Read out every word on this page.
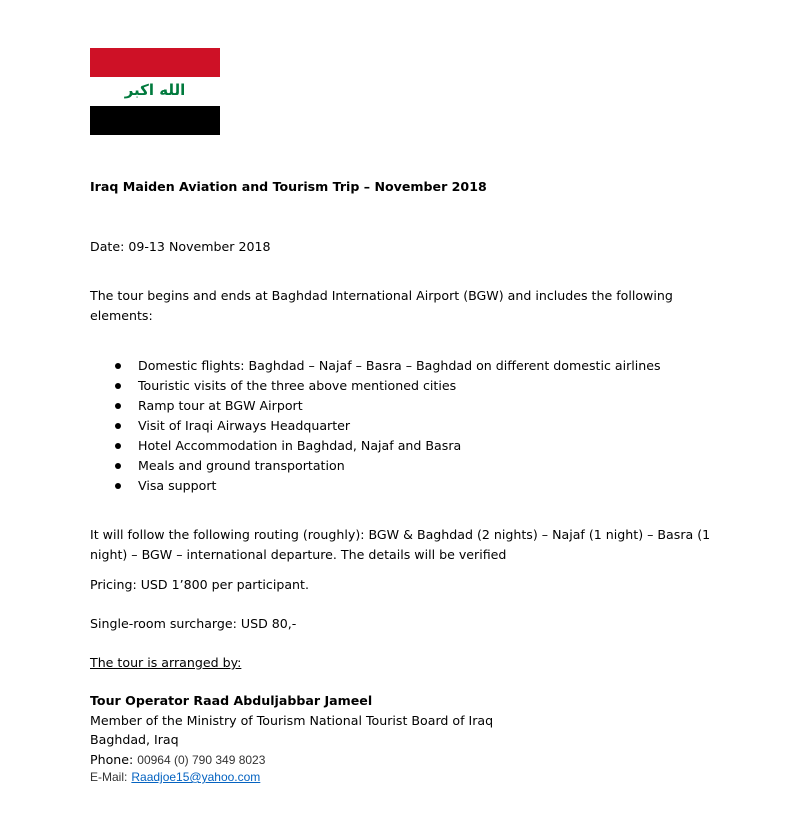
الله اكبر
Iraq Maiden Aviation and Tourism Trip – November 2018
Date: 09-13 November 2018
The tour begins and ends at Baghdad International Airport (BGW) and includes the following
elements:
Domestic flights: Baghdad – Najaf – Basra – Baghdad on different domestic airlines
Touristic visits of the three above mentioned cities
Ramp tour at BGW Airport
Visit of Iraqi Airways Headquarter
Hotel Accommodation in Baghdad, Najaf and Basra
Meals and ground transportation
Visa support
It will follow the following routing (roughly): BGW & Baghdad (2 nights) – Najaf (1 night) – Basra (1
night) – BGW – international departure. The details will be verified
Pricing: USD 1’800 per participant.
Single-room surcharge: USD 80,-
The tour is arranged by:
Tour Operator Raad Abduljabbar Jameel
Member of the Ministry of Tourism National Tourist Board of Iraq
Baghdad, Iraq
Phone: 00964 (0) 790 349 8023
E-Mail: Raadjoe15@yahoo.com
